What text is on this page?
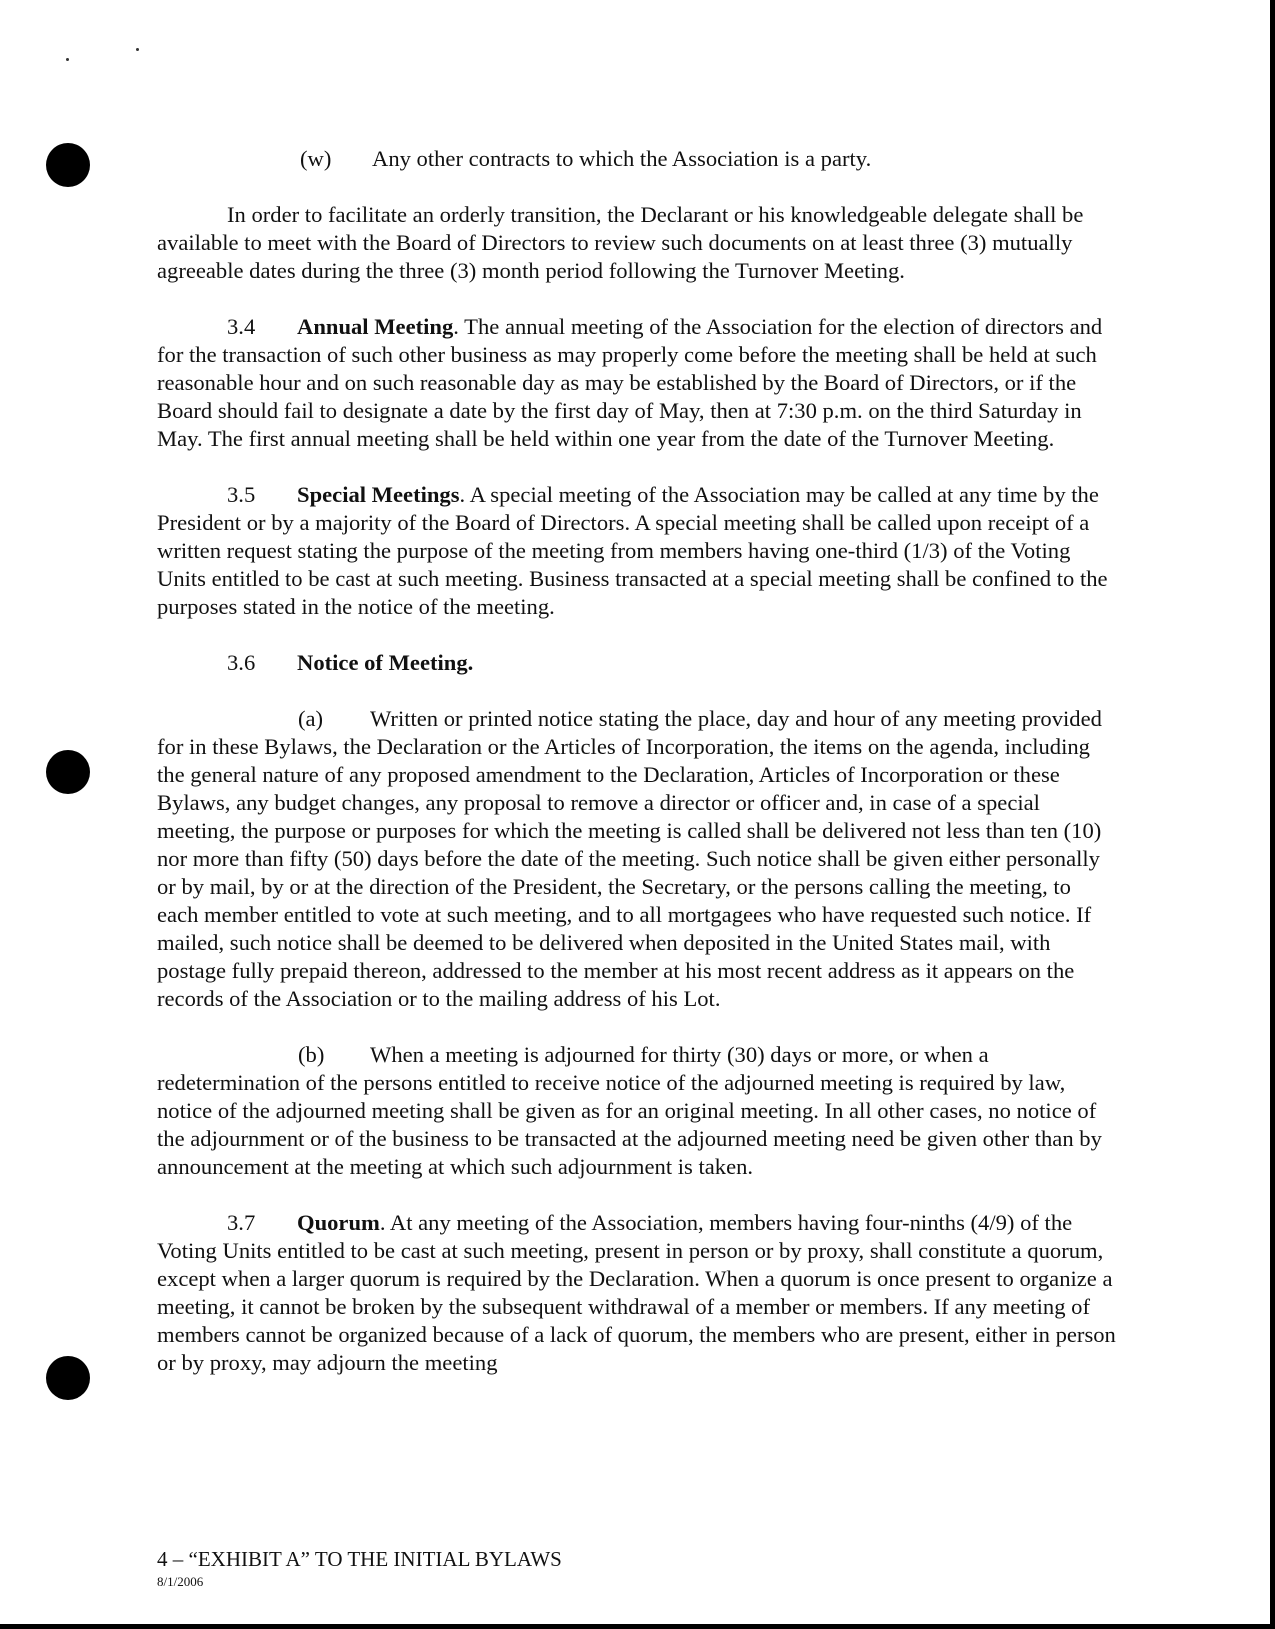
(w) Any other contracts to which the Association is a party.

In order to facilitate an orderly transition, the Declarant or his knowledgeable delegate shall be available to meet with the Board of Directors to review such documents on at least three (3) mutually agreeable dates during the three (3) month period following the Turnover Meeting.

3.4 Annual Meeting. The annual meeting of the Association for the election of directors and for the transaction of such other business as may properly come before the meeting shall be held at such reasonable hour and on such reasonable day as may be established by the Board of Directors, or if the Board should fail to designate a date by the first day of May, then at 7:30 p.m. on the third Saturday in May. The first annual meeting shall be held within one year from the date of the Turnover Meeting.

3.5 Special Meetings. A special meeting of the Association may be called at any time by the President or by a majority of the Board of Directors. A special meeting shall be called upon receipt of a written request stating the purpose of the meeting from members having one-third (1/3) of the Voting Units entitled to be cast at such meeting. Business transacted at a special meeting shall be confined to the purposes stated in the notice of the meeting.

3.6 Notice of Meeting.

(a) Written or printed notice stating the place, day and hour of any meeting provided for in these Bylaws, the Declaration or the Articles of Incorporation, the items on the agenda, including the general nature of any proposed amendment to the Declaration, Articles of Incorporation or these Bylaws, any budget changes, any proposal to remove a director or officer and, in case of a special meeting, the purpose or purposes for which the meeting is called shall be delivered not less than ten (10) nor more than fifty (50) days before the date of the meeting. Such notice shall be given either personally or by mail, by or at the direction of the President, the Secretary, or the persons calling the meeting, to each member entitled to vote at such meeting, and to all mortgagees who have requested such notice. If mailed, such notice shall be deemed to be delivered when deposited in the United States mail, with postage fully prepaid thereon, addressed to the member at his most recent address as it appears on the records of the Association or to the mailing address of his Lot.

(b) When a meeting is adjourned for thirty (30) days or more, or when a redetermination of the persons entitled to receive notice of the adjourned meeting is required by law, notice of the adjourned meeting shall be given as for an original meeting. In all other cases, no notice of the adjournment or of the business to be transacted at the adjourned meeting need be given other than by announcement at the meeting at which such adjournment is taken.

3.7 Quorum. At any meeting of the Association, members having four-ninths (4/9) of the Voting Units entitled to be cast at such meeting, present in person or by proxy, shall constitute a quorum, except when a larger quorum is required by the Declaration. When a quorum is once present to organize a meeting, it cannot be broken by the subsequent withdrawal of a member or members. If any meeting of members cannot be organized because of a lack of quorum, the members who are present, either in person or by proxy, may adjourn the meeting

4 – “EXHIBIT A” TO THE INITIAL BYLAWS
8/1/2006
